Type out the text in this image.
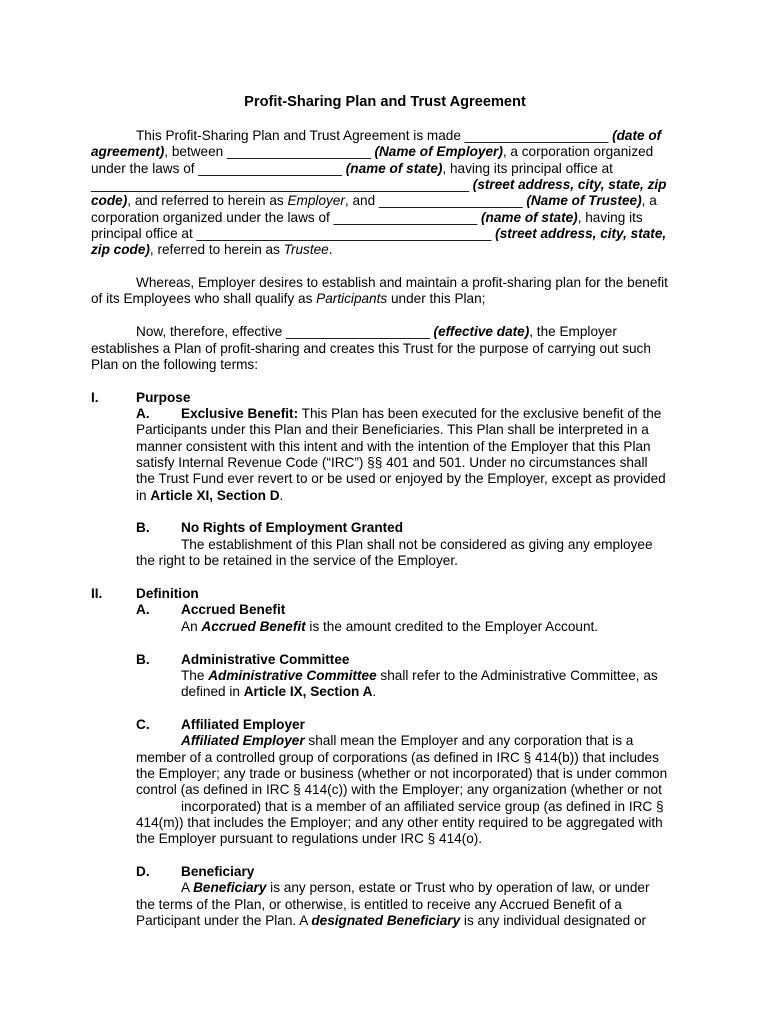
Profit-Sharing Plan and Trust Agreement
This Profit-Sharing Plan and Trust Agreement is made ___________________ (date of
agreement), between ___________________ (Name of Employer), a corporation organized
under the laws of ___________________ (name of state), having its principal office at
__________________________________________________ (street address, city, state, zip
code), and referred to herein as Employer, and ___________________ (Name of Trustee), a
corporation organized under the laws of ___________________ (name of state), having its
principal office at _______________________________________ (street address, city, state,
zip code), referred to herein as Trustee.
Whereas, Employer desires to establish and maintain a profit-sharing plan for the benefit
of its Employees who shall qualify as Participants under this Plan;
Now, therefore, effective ___________________ (effective date), the Employer
establishes a Plan of profit-sharing and creates this Trust for the purpose of carrying out such
Plan on the following terms:
I.	Purpose
A. Exclusive Benefit: This Plan has been executed for the exclusive benefit of the
Participants under this Plan and their Beneficiaries. This Plan shall be interpreted in a
manner consistent with this intent and with the intention of the Employer that this Plan
satisfy Internal Revenue Code (“IRC”) §§ 401 and 501. Under no circumstances shall
the Trust Fund ever revert to or be used or enjoyed by the Employer, except as provided
in Article XI, Section D.
B. No Rights of Employment Granted
The establishment of this Plan shall not be considered as giving any employee
the right to be retained in the service of the Employer.
II. Definition
A. Accrued Benefit
An Accrued Benefit is the amount credited to the Employer Account.
B. Administrative Committee
The Administrative Committee shall refer to the Administrative Committee, as
defined in Article IX, Section A.
C. Affiliated Employer
Affiliated Employer shall mean the Employer and any corporation that is a
member of a controlled group of corporations (as defined in IRC § 414(b)) that includes
the Employer; any trade or business (whether or not incorporated) that is under common
control (as defined in IRC § 414(c)) with the Employer; any organization (whether or not
incorporated) that is a member of an affiliated service group (as defined in IRC §
414(m)) that includes the Employer; and any other entity required to be aggregated with
the Employer pursuant to regulations under IRC § 414(o).
D. Beneficiary
A Beneficiary is any person, estate or Trust who by operation of law, or under
the terms of the Plan, or otherwise, is entitled to receive any Accrued Benefit of a
Participant under the Plan. A designated Beneficiary is any individual designated or
